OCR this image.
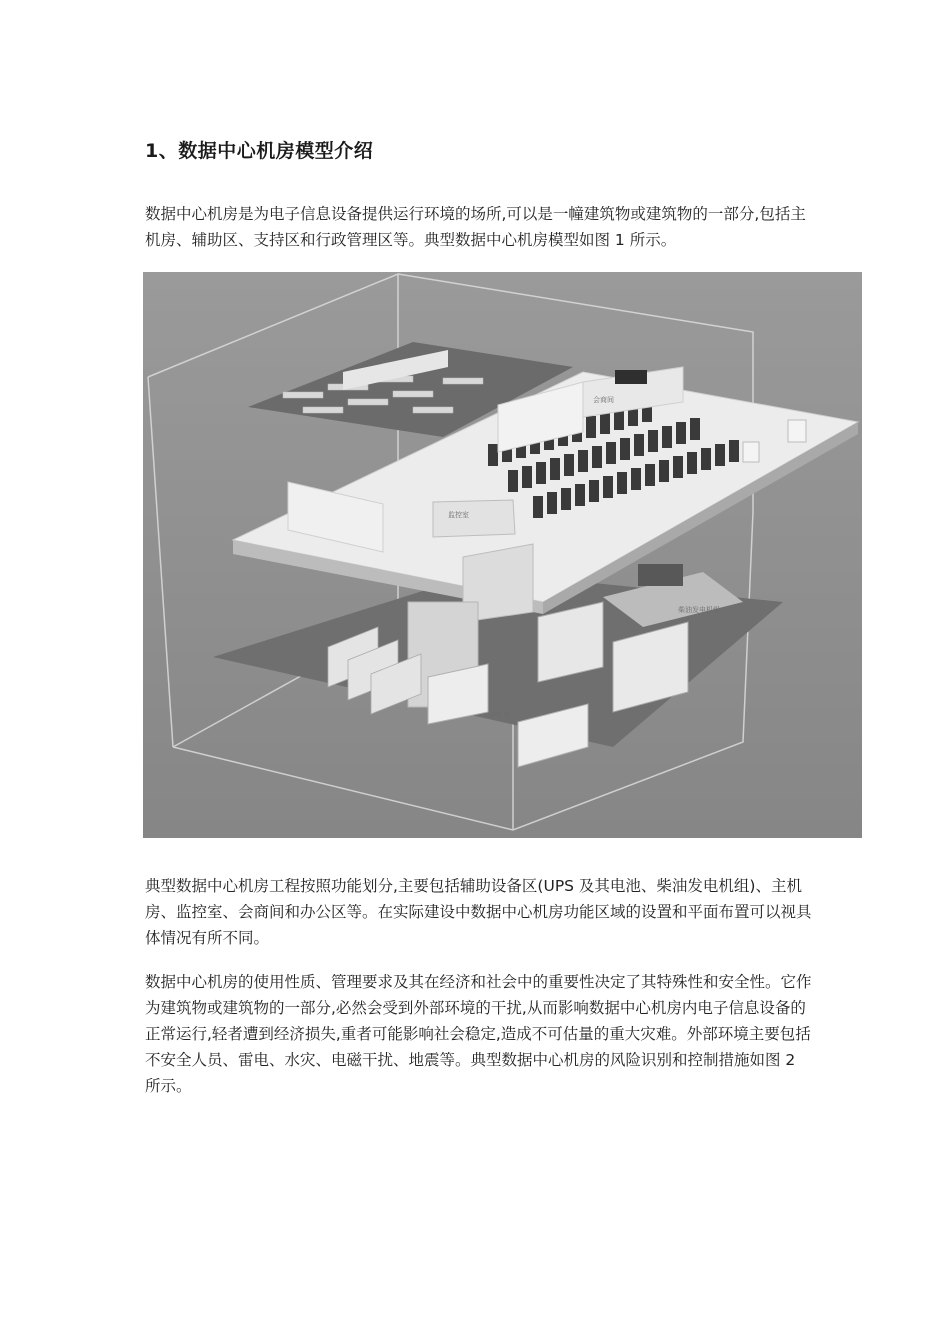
1、数据中心机房模型介绍

数据中心机房是为电子信息设备提供运行环境的场所,可以是一幢建筑物或建筑物的一部分,包括主机房、辅助区、支持区和行政管理区等。典型数据中心机房模型如图 1 所示。

办公区
会商间
监控室
UPS 柜
柴油发电机组

典型数据中心机房工程按照功能划分,主要包括辅助设备区(UPS 及其电池、柴油发电机组)、主机房、监控室、会商间和办公区等。在实际建设中数据中心机房功能区域的设置和平面布置可以视具体情况有所不同。

数据中心机房的使用性质、管理要求及其在经济和社会中的重要性决定了其特殊性和安全性。它作为建筑物或建筑物的一部分,必然会受到外部环境的干扰,从而影响数据中心机房内电子信息设备的正常运行,轻者遭到经济损失,重者可能影响社会稳定,造成不可估量的重大灾难。外部环境主要包括不安全人员、雷电、水灾、电磁干扰、地震等。典型数据中心机房的风险识别和控制措施如图 2 所示。
